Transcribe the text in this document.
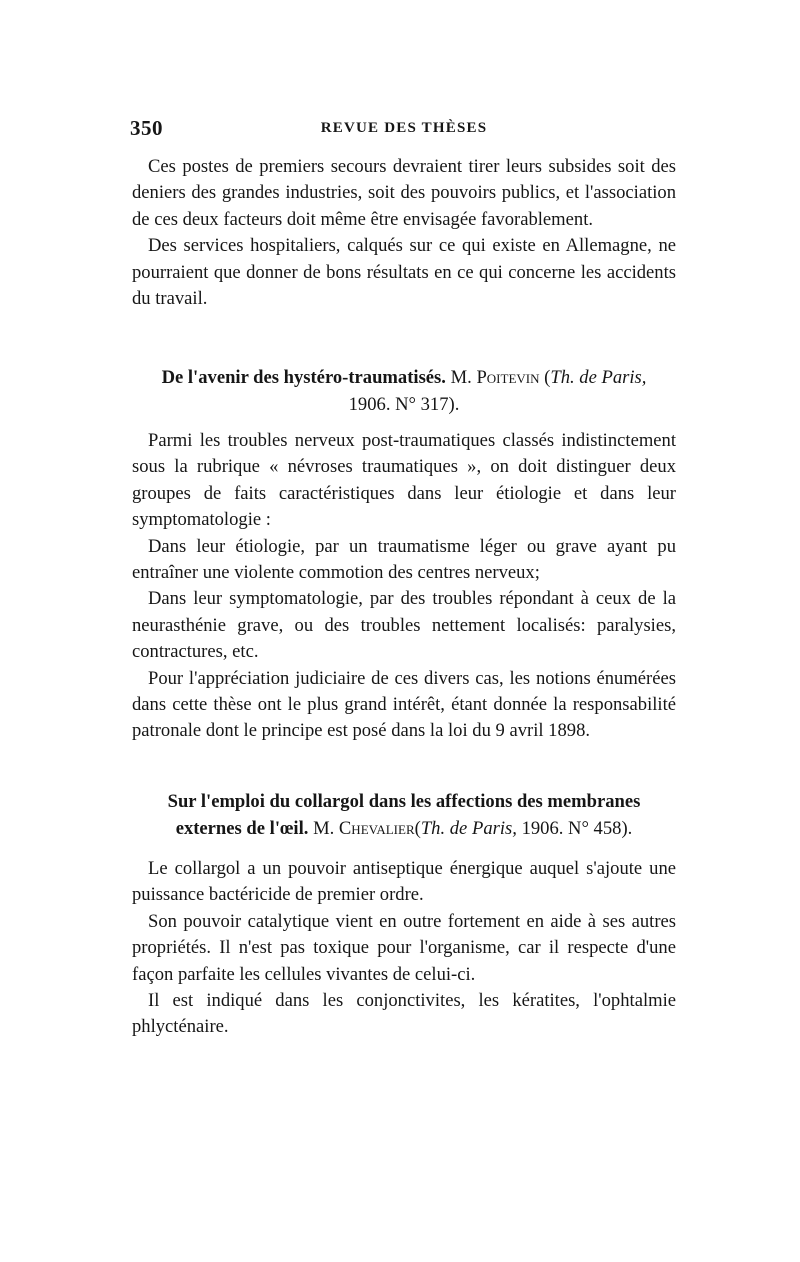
350	REVUE DES THÈSES

Ces postes de premiers secours devraient tirer leurs subsides soit des deniers des grandes industries, soit des pouvoirs publics, et l'association de ces deux facteurs doit même être envisagée favorablement.

Des services hospitaliers, calqués sur ce qui existe en Allemagne, ne pourraient que donner de bons résultats en ce qui concerne les accidents du travail.

De l'avenir des hystéro-traumatisés. M. Poitevin (Th. de Paris,
1906. N° 317).

Parmi les troubles nerveux post-traumatiques classés indistinctement sous la rubrique « névroses traumatiques », on doit distinguer deux groupes de faits caractéristiques dans leur étiologie et dans leur symptomatologie :

Dans leur étiologie, par un traumatisme léger ou grave ayant pu entraîner une violente commotion des centres nerveux;

Dans leur symptomatologie, par des troubles répondant à ceux de la neurasthénie grave, ou des troubles nettement localisés: paralysies, contractures, etc.

Pour l'appréciation judiciaire de ces divers cas, les notions énumérées dans cette thèse ont le plus grand intérêt, étant donnée la responsabilité patronale dont le principe est posé dans la loi du 9 avril 1898.

Sur l'emploi du collargol dans les affections des membranes
externes de l'œil. M. Chevalier(Th. de Paris, 1906. N° 458).

Le collargol a un pouvoir antiseptique énergique auquel s'ajoute une puissance bactéricide de premier ordre.

Son pouvoir catalytique vient en outre fortement en aide à ses autres propriétés. Il n'est pas toxique pour l'organisme, car il respecte d'une façon parfaite les cellules vivantes de celui-ci.

Il est indiqué dans les conjonctivites, les kératites, l'ophtalmie phlycténaire.
